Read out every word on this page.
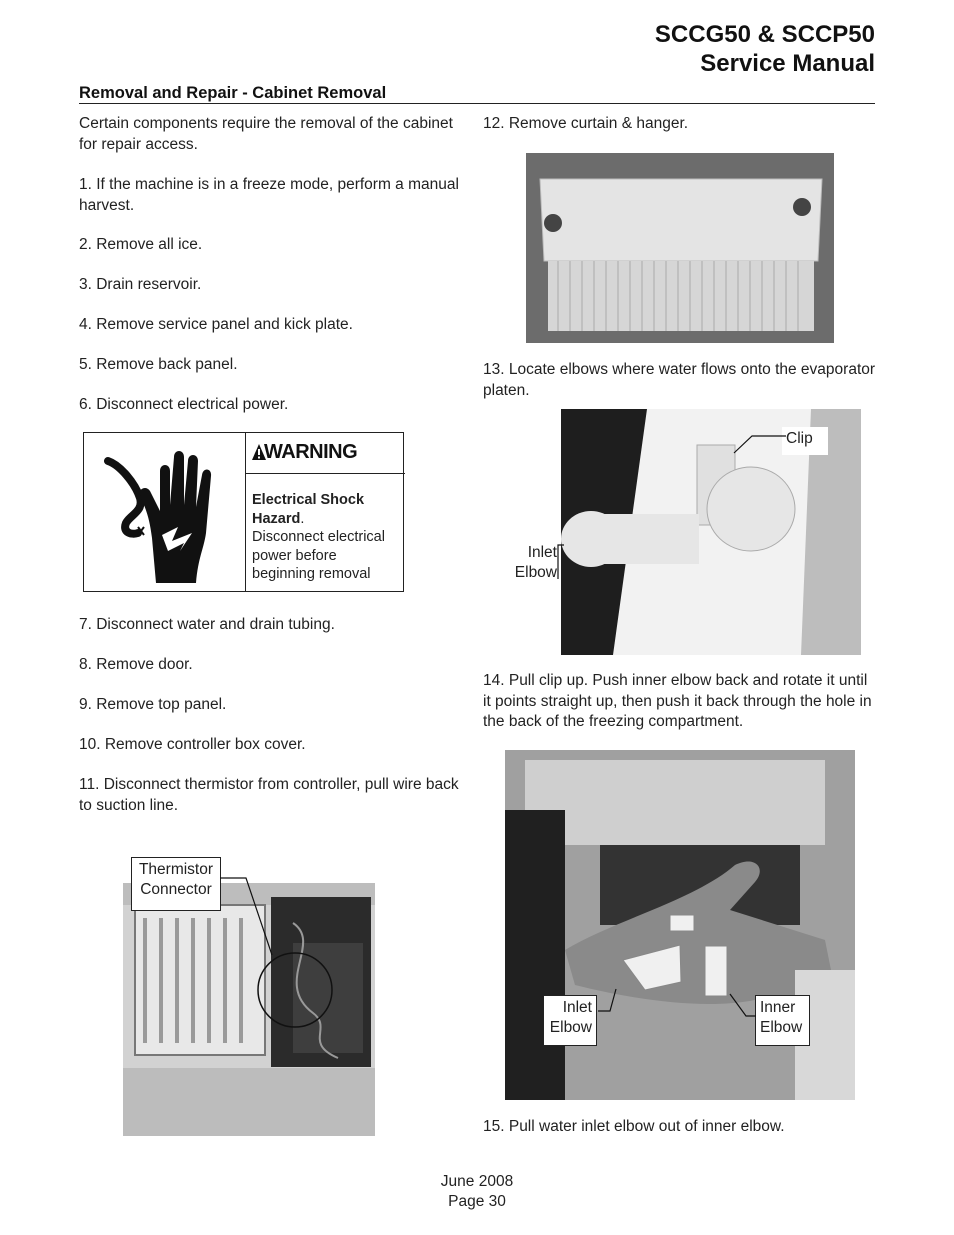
SCCG50 & SCCP50
Service Manual
Removal and Repair - Cabinet Removal
Certain components require the removal of the cabinet for repair access.
1. If the machine is in a freeze mode, perform a manual harvest.
2. Remove all ice.
3. Drain reservoir.
4. Remove service panel and kick plate.
5. Remove back panel.
6. Disconnect electrical power.
WARNING
Electrical Shock
Hazard.
Disconnect electrical power before beginning removal
7. Disconnect water and drain tubing.
8. Remove door.
9. Remove top panel.
10. Remove controller box cover.
11. Disconnect thermistor from controller, pull wire back to suction line.
Thermistor
Connector
12. Remove curtain & hanger.
13. Locate elbows where water flows onto the evaporator platen.
Clip
Inlet
Elbow
14. Pull clip up. Push inner elbow back and rotate it until it points straight up, then push it back through the hole in the back of the freezing compartment.
Inlet
Elbow
Inner
Elbow
15. Pull water inlet elbow out of inner elbow.
June 2008
Page 30
